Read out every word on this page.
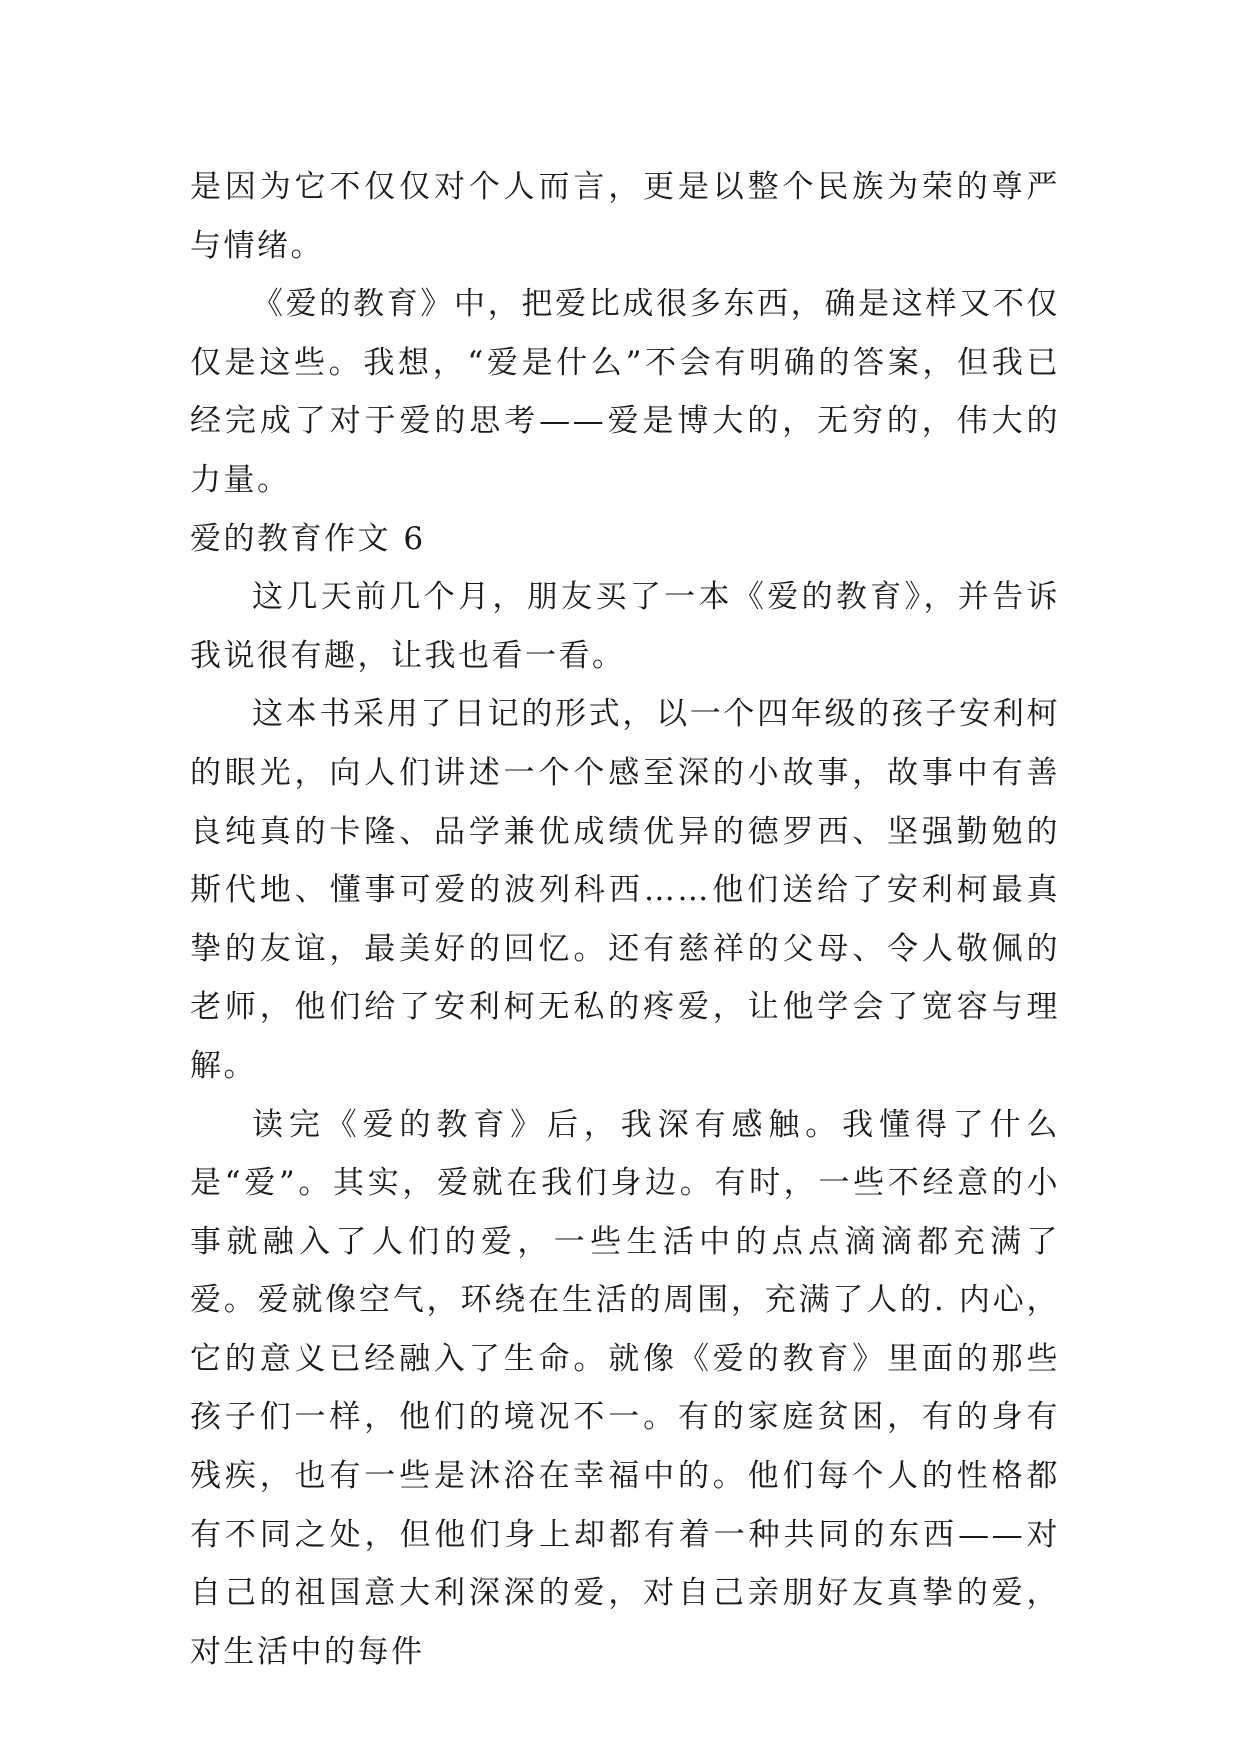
是因为它不仅仅对个人而言，更是以整个民族为荣的尊严与情绪。

《爱的教育》中，把爱比成很多东西，确是这样又不仅仅是这些。我想，“爱是什么”不会有明确的答案，但我已经完成了对于爱的思考——爱是博大的，无穷的，伟大的力量。

爱的教育作文 6

这几天前几个月，朋友买了一本《爱的教育》，并告诉我说很有趣，让我也看一看。

这本书采用了日记的形式，以一个四年级的孩子安利柯的眼光，向人们讲述一个个感至深的小故事，故事中有善良纯真的卡隆、品学兼优成绩优异的德罗西、坚强勤勉的斯代地、懂事可爱的波列科西……他们送给了安利柯最真挚的友谊，最美好的回忆。还有慈祥的父母、令人敬佩的老师，他们给了安利柯无私的疼爱，让他学会了宽容与理解。

读完《爱的教育》后，我深有感触。我懂得了什么是“爱”。其实，爱就在我们身边。有时，一些不经意的小事就融入了人们的爱，一些生活中的点点滴滴都充满了爱。爱就像空气，环绕在生活的周围，充满了人的. 内心，它的意义已经融入了生命。就像《爱的教育》里面的那些孩子们一样，他们的境况不一。有的家庭贫困，有的身有残疾，也有一些是沐浴在幸福中的。他们每个人的性格都有不同之处，但他们身上却都有着一种共同的东西——对自己的祖国意大利深深的爱，对自己亲朋好友真挚的爱，对生活中的每件
